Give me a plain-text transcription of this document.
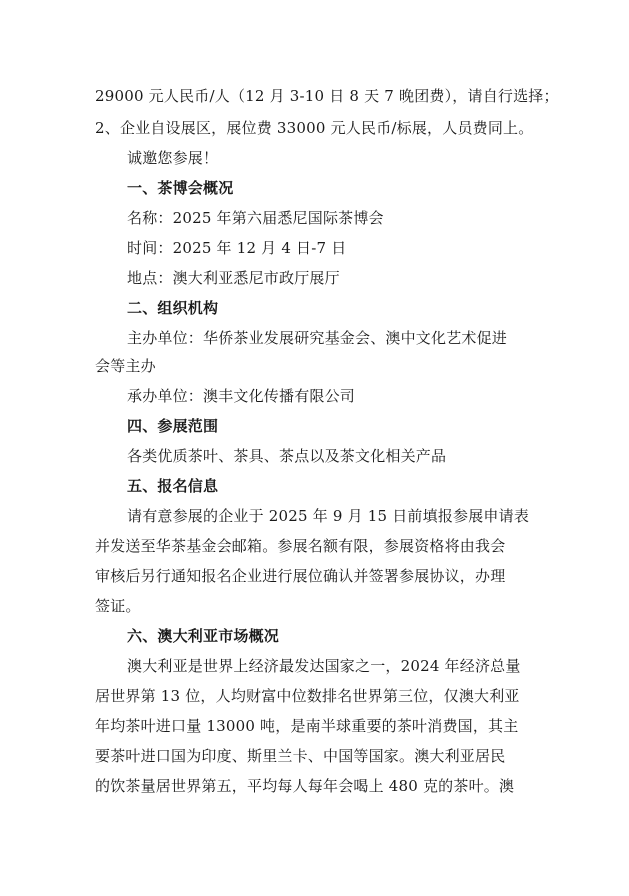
29000 元人民币/人（12 月 3-10 日 8 天 7 晚团费），请自行选择；
2、企业自设展区，展位费 33000 元人民币/标展，人员费同上。
诚邀您参展！
一、茶博会概况
名称：2025 年第六届悉尼国际茶博会
时间：2025 年 12 月 4 日-7 日
地点：澳大利亚悉尼市政厅展厅
二、组织机构
主办单位：华侨茶业发展研究基金会、澳中文化艺术促进
会等主办
承办单位：澳丰文化传播有限公司
四、参展范围
各类优质茶叶、茶具、茶点以及茶文化相关产品
五、报名信息
请有意参展的企业于 2025 年 9 月 15 日前填报参展申请表
并发送至华茶基金会邮箱。参展名额有限，参展资格将由我会
审核后另行通知报名企业进行展位确认并签署参展协议，办理
签证。
六、澳大利亚市场概况
澳大利亚是世界上经济最发达国家之一，2024 年经济总量
居世界第 13 位，人均财富中位数排名世界第三位，仅澳大利亚
年均茶叶进口量 13000 吨，是南半球重要的茶叶消费国，其主
要茶叶进口国为印度、斯里兰卡、中国等国家。澳大利亚居民
的饮茶量居世界第五，平均每人每年会喝上 480 克的茶叶。澳
